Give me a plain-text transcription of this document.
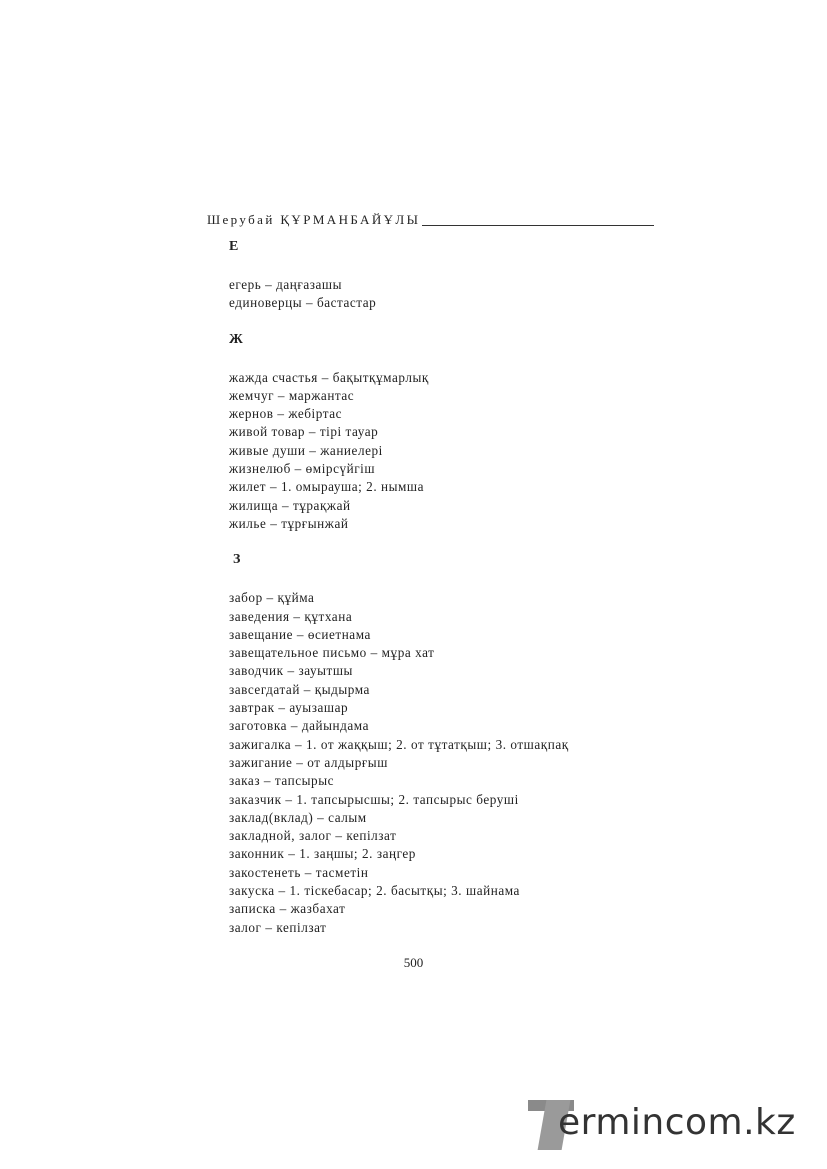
Шерубай ҚҰРМАНБАЙҰЛЫ
Е
егерь – даңғазашы
единоверцы – бастастар
Ж
жажда счастья – бақытқұмарлық
жемчуг – маржантас
жернов – жебіртас
живой товар – тірі тауар
живые души – жаниелері
жизнелюб – өмірсүйгіш
жилет – 1. омырауша; 2. нымша
жилища – тұрақжай
жилье – тұрғынжай
З
забор – құйма
заведения – құтхана
завещание – өсиетнама
завещательное письмо – мұра хат
заводчик – зауытшы
завсегдатай – қыдырма
завтрак – ауызашар
заготовка – дайындама
зажигалка – 1. от жаққыш; 2. от тұтатқыш; 3. отшақпақ
зажигание – от алдырғыш
заказ – тапсырыс
заказчик – 1. тапсырысшы; 2. тапсырыс беруші
заклад(вклад) – салым
закладной, залог – кепілзат
законник – 1. заңшы; 2. заңгер
закостенеть – тасметін
закуска – 1. тіскебасар; 2. басытқы; 3. шайнама
записка – жазбахат
залог – кепілзат
500
ermincom.kz
